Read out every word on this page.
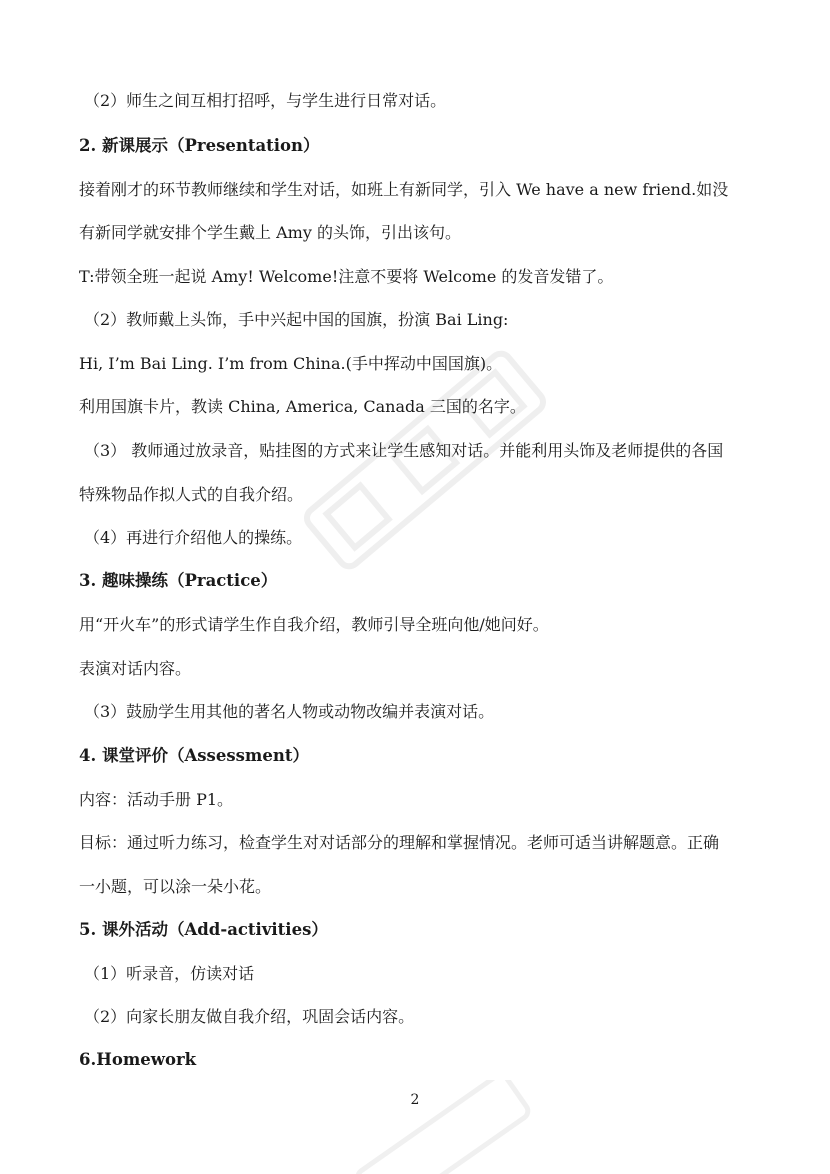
（2）师生之间互相打招呼，与学生进行日常对话。
2. 新课展示（Presentation）
接着刚才的环节教师继续和学生对话，如班上有新同学，引入 We have a new friend.如没
有新同学就安排个学生戴上 Amy 的头饰，引出该句。
T:带领全班一起说 Amy! Welcome!注意不要将 Welcome 的发音发错了。
（2）教师戴上头饰，手中兴起中国的国旗，扮演 Bai Ling:
Hi, I’m Bai Ling. I’m from China.(手中挥动中国国旗)。
利用国旗卡片，教读 China, America, Canada 三国的名字。
（3） 教师通过放录音，贴挂图的方式来让学生感知对话。并能利用头饰及老师提供的各国
特殊物品作拟人式的自我介绍。
（4）再进行介绍他人的操练。
3. 趣味操练（Practice）
用“开火车”的形式请学生作自我介绍，教师引导全班向他/她问好。
表演对话内容。
（3）鼓励学生用其他的著名人物或动物改编并表演对话。
4. 课堂评价（Assessment）
内容：活动手册 P1。
目标：通过听力练习，检查学生对对话部分的理解和掌握情况。老师可适当讲解题意。正确
一小题，可以涂一朵小花。
5. 课外活动（Add-activities）
（1）听录音，仿读对话
（2）向家长朋友做自我介绍，巩固会话内容。
6.Homework
2
